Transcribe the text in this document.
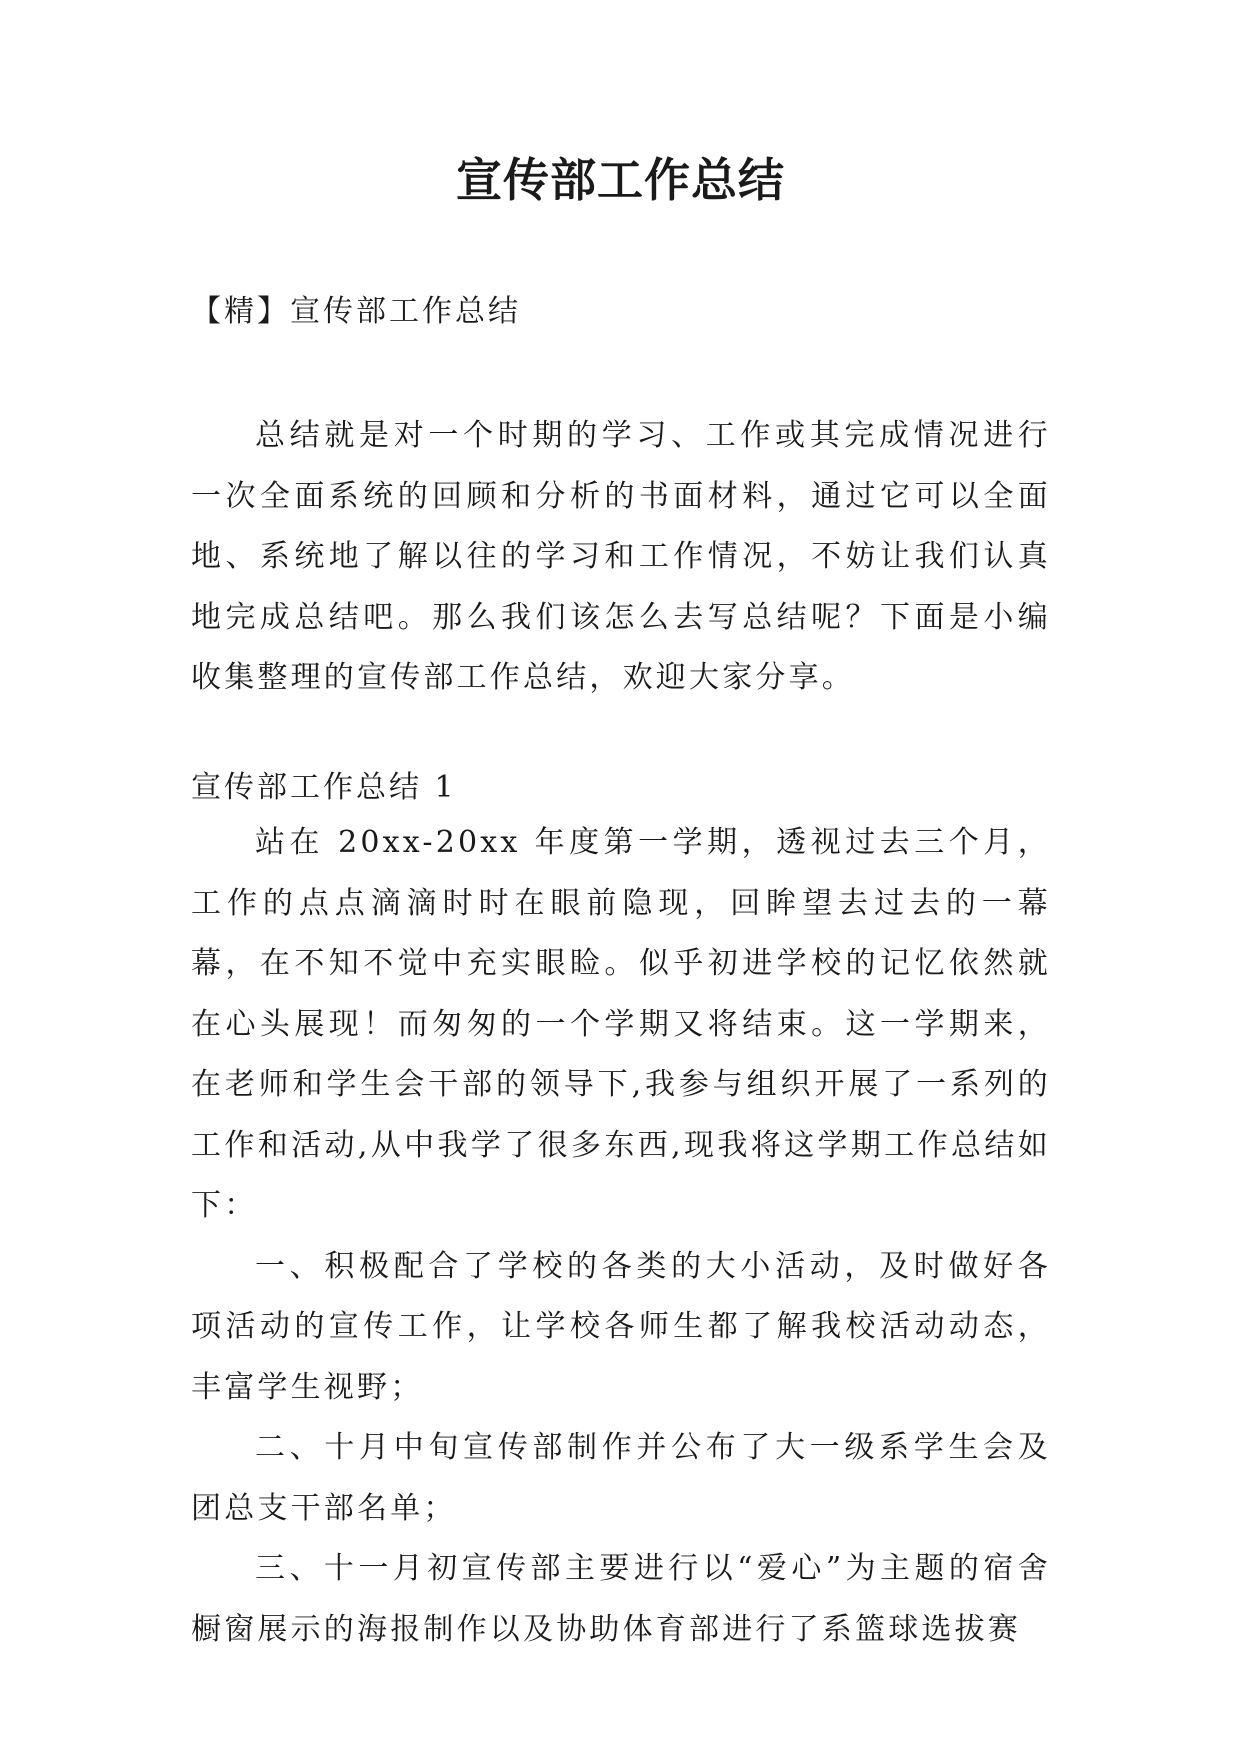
宣传部工作总结
【精】宣传部工作总结

总结就是对一个时期的学习、工作或其完成情况进行一次全面系统的回顾和分析的书面材料，通过它可以全面地、系统地了解以往的学习和工作情况，不妨让我们认真地完成总结吧。那么我们该怎么去写总结呢？下面是小编收集整理的宣传部工作总结，欢迎大家分享。

宣传部工作总结 1

站在 20xx-20xx 年度第一学期，透视过去三个月，工作的点点滴滴时时在眼前隐现，回眸望去过去的一幕幕，在不知不觉中充实眼睑。似乎初进学校的记忆依然就在心头展现！而匆匆的一个学期又将结束。这一学期来，在老师和学生会干部的领导下,我参与组织开展了一系列的工作和活动,从中我学了很多东西,现我将这学期工作总结如下：

一、积极配合了学校的各类的大小活动，及时做好各项活动的宣传工作，让学校各师生都了解我校活动动态，丰富学生视野；

二、十月中旬宣传部制作并公布了大一级系学生会及团总支干部名单；

三、十一月初宣传部主要进行以“爱心”为主题的宿舍橱窗展示的海报制作以及协助体育部进行了系篮球选拔赛
